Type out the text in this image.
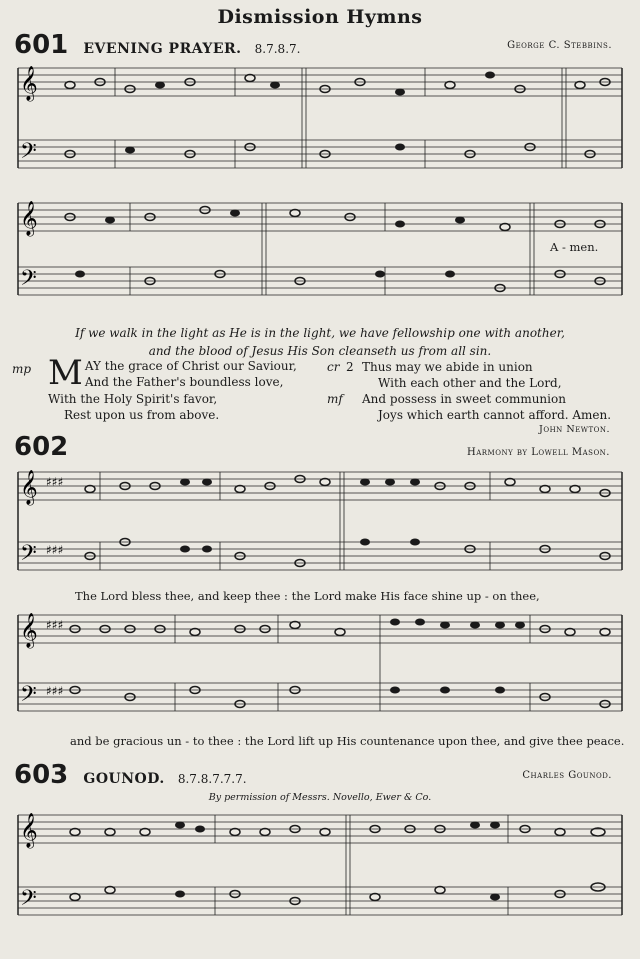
Dismission Hymns
601 EVENING PRAYER. 8.7.8.7.	George C. Stebbins.
𝄞
𝄢
𝄞
𝄢
A - men.
If we walk in the light as He is in the light, we have fellowship one with another,
and the blood of Jesus His Son cleanseth us from all sin.
mp M AY the grace of Christ our Saviour,
And the Father's boundless love,
With the Holy Spirit's favor,
Rest upon us from above.
cr 2 Thus may we abide in union
With each other and the Lord,
mf And possess in sweet communion
Joys which earth cannot afford. Amen.
John Newton.
602	Harmony by Lowell Mason.
𝄞 ♯♯♯
𝄢 ♯♯♯
The Lord bless thee, and keep thee : the Lord make His face shine up - on thee,
𝄞 ♯♯♯
𝄢 ♯♯♯
and be gracious un - to thee : the Lord lift up His countenance upon thee, and give thee peace.
603 GOUNOD. 8.7.8.7.7.7.	Charles Gounod.
By permission of Messrs. Novello, Ewer & Co.
𝄞
𝄢
